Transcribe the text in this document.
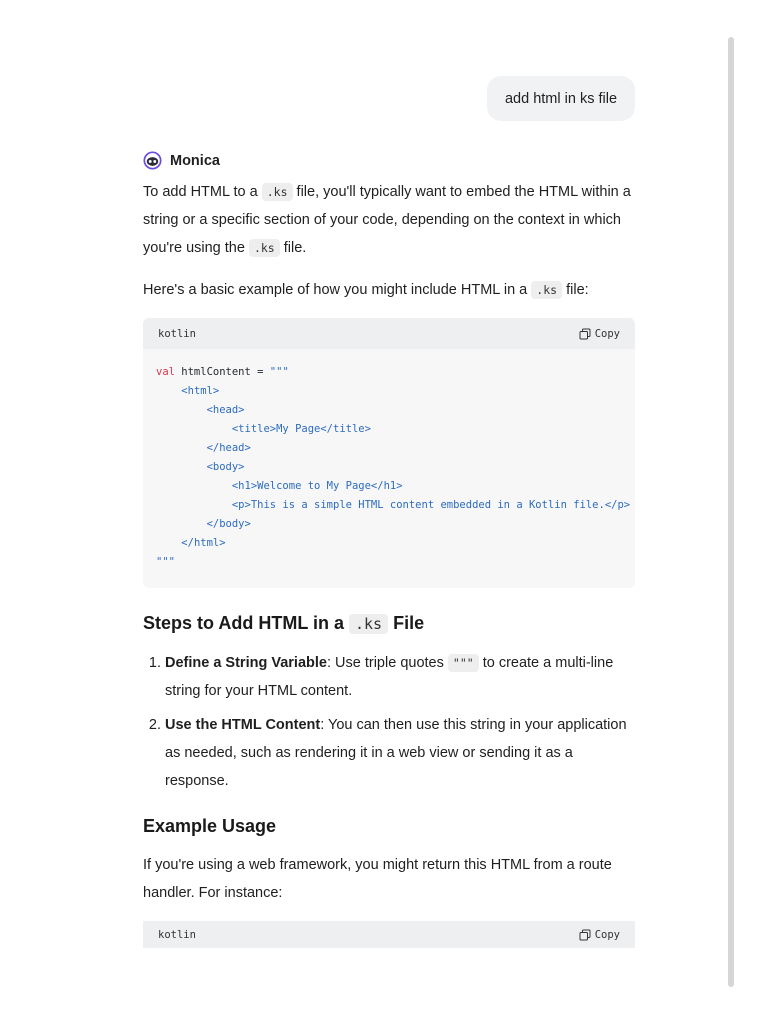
add html in ks file
Monica

To add HTML to a .ks file, you'll typically want to embed the HTML within a string or a specific section of your code, depending on the context in which you're using the .ks file.

Here's a basic example of how you might include HTML in a .ks file:

kotlin	Copy
val htmlContent = """
<html>
<head>
<title>My Page</title>
</head>
<body>
<h1>Welcome to My Page</h1>
<p>This is a simple HTML content embedded in a Kotlin file.</p>
</body>
</html>
"""
Steps to Add HTML in a .ks File
1. Define a String Variable: Use triple quotes """ to create a multi-line string for your HTML content.
2. Use the HTML Content: You can then use this string in your application as needed, such as rendering it in a web view or sending it as a response.
Example Usage

If you're using a web framework, you might return this HTML from a route handler. For instance:

kotlin	Copy
